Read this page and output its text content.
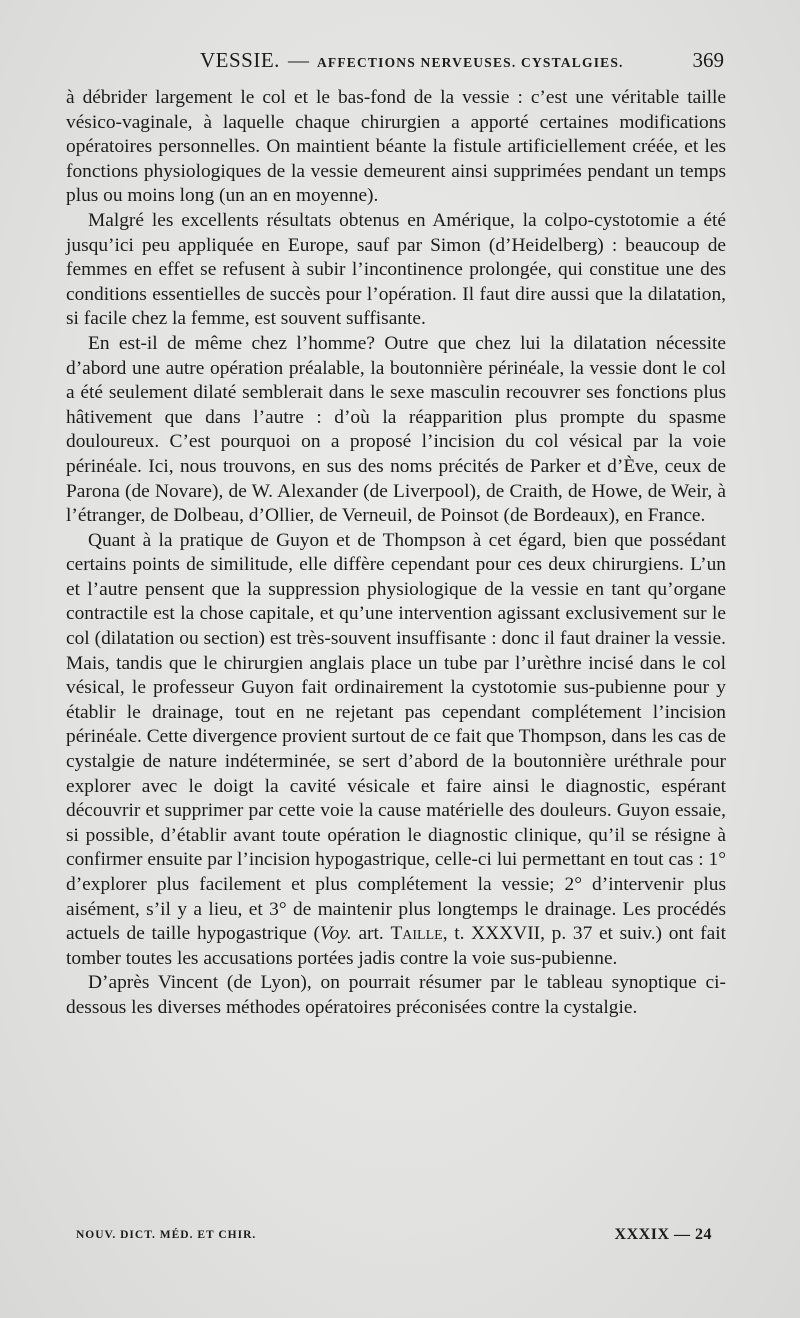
VESSIE. — AFFECTIONS NERVEUSES. CYSTALGIES.	369

à débrider largement le col et le bas-fond de la vessie : c’est une véritable taille vésico-vaginale, à laquelle chaque chirurgien a apporté certaines modifications opératoires personnelles. On maintient béante la fistule artificiellement créée, et les fonctions physiologiques de la vessie demeurent ainsi supprimées pendant un temps plus ou moins long (un an en moyenne).

Malgré les excellents résultats obtenus en Amérique, la colpo-cystotomie a été jusqu’ici peu appliquée en Europe, sauf par Simon (d’Heidelberg) : beaucoup de femmes en effet se refusent à subir l’incontinence prolongée, qui constitue une des conditions essentielles de succès pour l’opération. Il faut dire aussi que la dilatation, si facile chez la femme, est souvent suffisante.

En est-il de même chez l’homme? Outre que chez lui la dilatation nécessite d’abord une autre opération préalable, la boutonnière périnéale, la vessie dont le col a été seulement dilaté semblerait dans le sexe masculin recouvrer ses fonctions plus hâtivement que dans l’autre : d’où la réapparition plus prompte du spasme douloureux. C’est pourquoi on a proposé l’incision du col vésical par la voie périnéale. Ici, nous trouvons, en sus des noms précités de Parker et d’Ève, ceux de Parona (de Novare), de W. Alexander (de Liverpool), de Craith, de Howe, de Weir, à l’étranger, de Dolbeau, d’Ollier, de Verneuil, de Poinsot (de Bordeaux), en France.

Quant à la pratique de Guyon et de Thompson à cet égard, bien que possédant certains points de similitude, elle diffère cependant pour ces deux chirurgiens. L’un et l’autre pensent que la suppression physiologique de la vessie en tant qu’organe contractile est la chose capitale, et qu’une intervention agissant exclusivement sur le col (dilatation ou section) est très-souvent insuffisante : donc il faut drainer la vessie. Mais, tandis que le chirurgien anglais place un tube par l’urèthre incisé dans le col vésical, le professeur Guyon fait ordinairement la cystotomie sus-pubienne pour y établir le drainage, tout en ne rejetant pas cependant complétement l’incision périnéale. Cette divergence provient surtout de ce fait que Thompson, dans les cas de cystalgie de nature indéterminée, se sert d’abord de la boutonnière uréthrale pour explorer avec le doigt la cavité vésicale et faire ainsi le diagnostic, espérant découvrir et supprimer par cette voie la cause matérielle des douleurs. Guyon essaie, si possible, d’établir avant toute opération le diagnostic clinique, qu’il se résigne à confirmer ensuite par l’incision hypogastrique, celle-ci lui permettant en tout cas : 1° d’explorer plus facilement et plus complétement la vessie; 2° d’intervenir plus aisément, s’il y a lieu, et 3° de maintenir plus longtemps le drainage. Les procédés actuels de taille hypogastrique (Voy. art. Taille, t. XXXVII, p. 37 et suiv.) ont fait tomber toutes les accusations portées jadis contre la voie sus-pubienne.

D’après Vincent (de Lyon), on pourrait résumer par le tableau synoptique ci-dessous les diverses méthodes opératoires préconisées contre la cystalgie.

NOUV. DICT. MÉD. ET CHIR.	XXXIX — 24
